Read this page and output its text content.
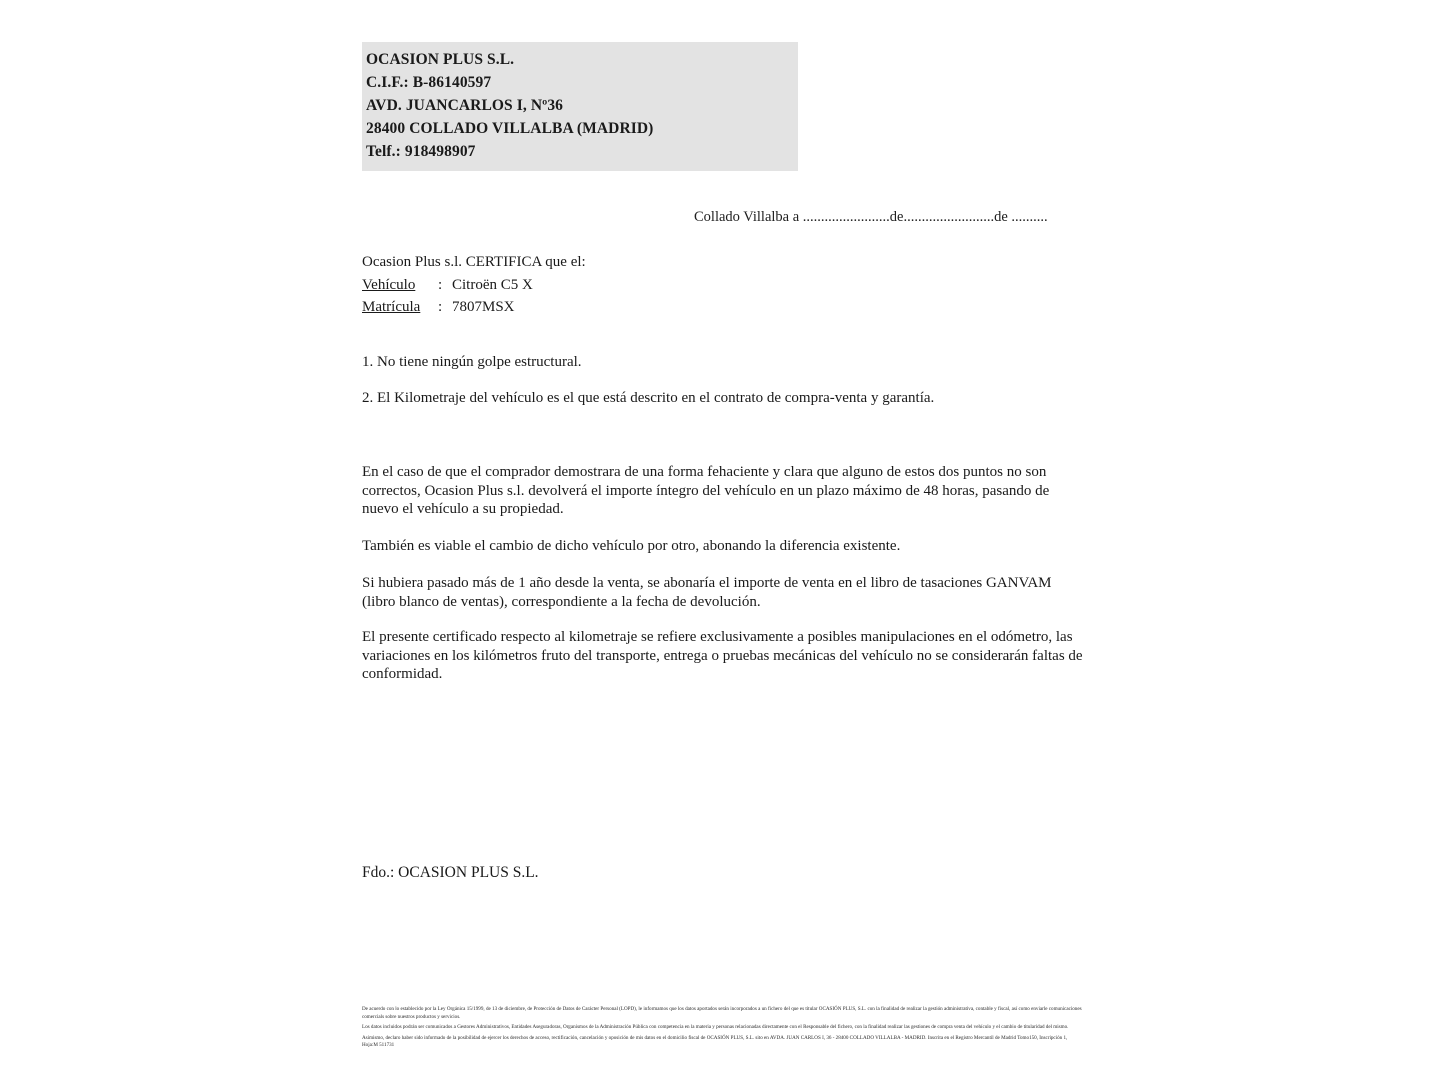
OCASION PLUS S.L.
C.I.F.: B-86140597
AVD. JUANCARLOS I, Nº36
28400 COLLADO VILLALBA (MADRID)
Telf.: 918498907
Collado Villalba a ........................de.........................de ..........
Ocasion Plus s.l. CERTIFICA que el:
Vehículo : Citroën C5 X
Matrícula : 7807MSX
1. No tiene ningún golpe estructural.
2. El Kilometraje del vehículo es el que está descrito en el contrato de compra-venta y garantía.
En el caso de que el comprador demostrara de una forma fehaciente y clara que alguno de estos dos puntos no son correctos, Ocasion Plus s.l. devolverá el importe íntegro del vehículo en un plazo máximo de 48 horas, pasando de nuevo el vehículo a su propiedad.
También es viable el cambio de dicho vehículo por otro, abonando la diferencia existente.
Si hubiera pasado más de 1 año desde la venta, se abonaría el importe de venta en el libro de tasaciones GANVAM (libro blanco de ventas), correspondiente a la fecha de devolución.
El presente certificado respecto al kilometraje se refiere exclusivamente a posibles manipulaciones en el odómetro, las variaciones en los kilómetros fruto del transporte, entrega o pruebas mecánicas del vehículo no se considerarán faltas de conformidad.
Fdo.: OCASION PLUS S.L.

De acuerdo con lo establecido por la Ley Orgánica 15/1999, de 13 de diciembre, de Protección de Datos de Carácter Personal (LOPD), le informamos que los datos aportados serán incorporados a un fichero del que es titular OCASIÓN PLUS, S.L. con la finalidad de realizar la gestión administrativa, contable y fiscal, así como enviarle comunicaciones comercials sobre nuestros productos y servicios.

Los datos incluidos podrán ser comunicados a Gestores Administrativos, Entidades Aseguradoras, Organismos de la Administración Pública con competencia en la materia y personas relacionadas directamente con el Responsable del fichero, con la finalidad realizar las gestiones de compra venta del vehículo y el cambio de titularidad del mismo.

Asimismo, declaro haber sido informado de la posibilidad de ejercer los derechos de acceso, rectificación, cancelación y oposición de mis datos en el domicilio fiscal de OCASIÓN PLUS, S.L. sito en AVDA. JUAN CARLOS I, 36 - 28400 COLLADO VILLALBA - MADRID. Inscrita en el Registro Mercantil de Madrid Tomo150, Inscripción 1, Hoja:M 511731
